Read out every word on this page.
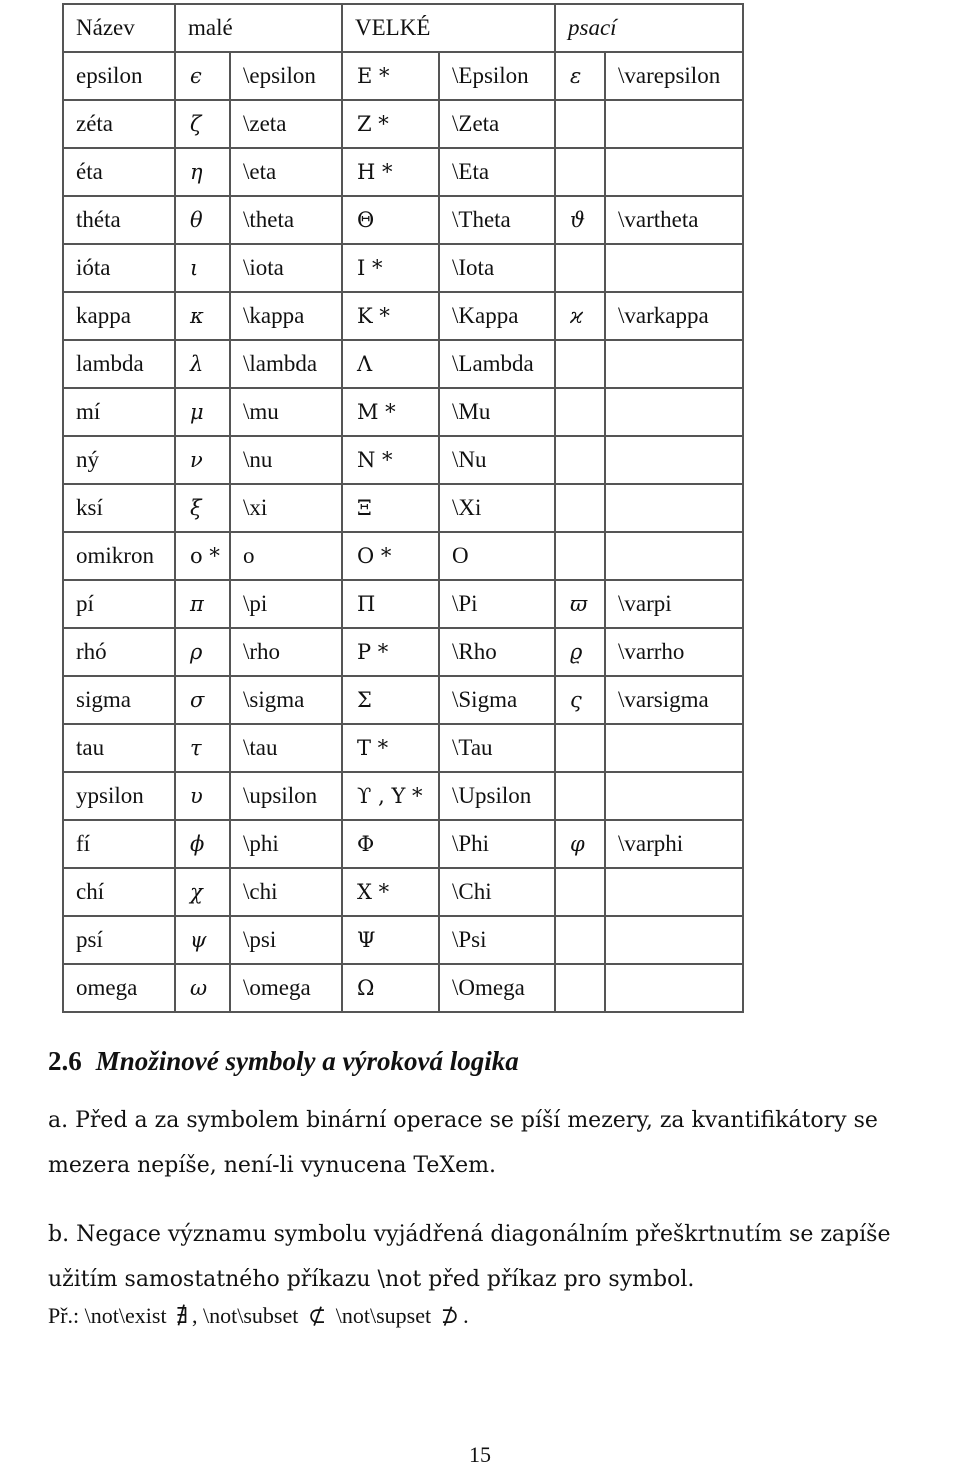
Název	malé		VELKÉ		psací	
epsilon	ϵ	\epsilon	E *	\Epsilon	ε	\varepsilon
zéta	ζ	\zeta	Z *	\Zeta		
éta	η	\eta	H *	\Eta		
théta	θ	\theta	Θ	\Theta	ϑ	\vartheta
ióta	ι	\iota	I *	\Iota		
kappa	κ	\kappa	K *	\Kappa	ϰ	\varkappa
lambda	λ	\lambda	Λ	\Lambda		
mí	μ	\mu	M *	\Mu		
ný	ν	\nu	N *	\Nu		
ksí	ξ	\xi	Ξ	\Xi		
omikron	o *	o	O *	O		
pí	π	\pi	Π	\Pi	ϖ	\varpi
rhó	ρ	\rho	P *	\Rho	ϱ	\varrho
sigma	σ	\sigma	Σ	\Sigma	ς	\varsigma
tau	τ	\tau	T *	\Tau		
ypsilon	υ	\upsilon	ϒ , Y *	\Upsilon		
fí	ϕ	\phi	Φ	\Phi	φ	\varphi
chí	χ	\chi	X *	\Chi		
psí	ψ	\psi	Ψ	\Psi		
omega	ω	\omega	Ω	\Omega		
2.6 Množinové symboly a výroková logika

a. Před a za symbolem binární operace se píší mezery, za kvantifikátory se mezera nepíše, není-li vynucena TeXem.

b. Negace významu symbolu vyjádřená diagonálním přeškrtnutím se zapíše užitím samostatného příkazu \not před příkaz pro symbol.

Př.: \not\exist ∄ , \not\subset ⊄ \not\supset ⊅ .

15
